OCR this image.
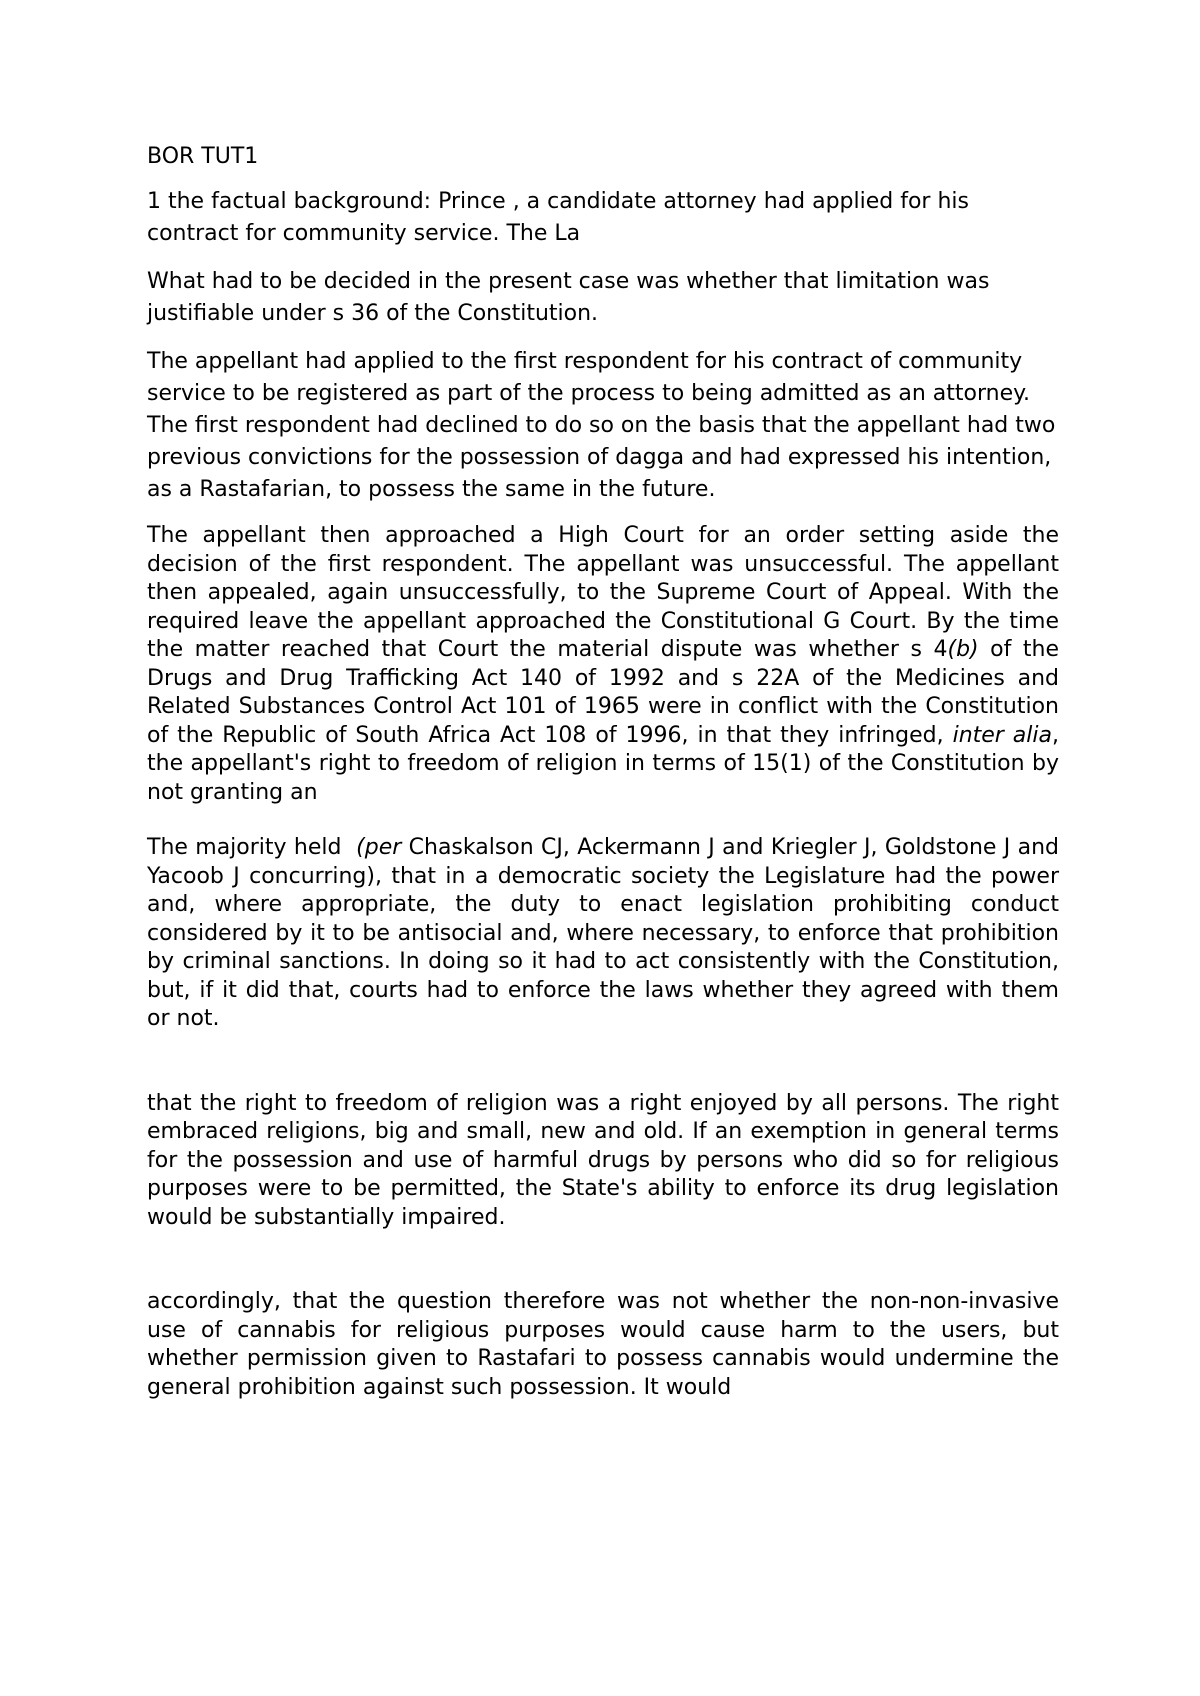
BOR TUT1

1 the factual background: Prince , a candidate attorney had applied for his contract for community service. The La

What had to be decided in the present case was whether that limitation was justifiable under s 36 of the Constitution.

The appellant had applied to the first respondent for his contract of community service to be registered as part of the process to being admitted as an attorney. The first respondent had declined to do so on the basis that the appellant had two previous convictions for the possession of dagga and had expressed his intention, as a Rastafarian, to possess the same in the future.

The appellant then approached a High Court for an order setting aside the decision of the first respondent. The appellant was unsuccessful. The appellant then appealed, again unsuccessfully, to the Supreme Court of Appeal. With the required leave the appellant approached the Constitutional G Court. By the time the matter reached that Court the material dispute was whether s 4(b) of the Drugs and Drug Trafficking Act 140 of 1992 and s 22A of the Medicines and Related Substances Control Act 101 of 1965 were in conflict with the Constitution of the Republic of South Africa Act 108 of 1996, in that they infringed, inter alia, the appellant's right to freedom of religion in terms of 15(1) of the Constitution by not granting an

The majority held  (per Chaskalson CJ, Ackermann J and Kriegler J, Goldstone J and Yacoob J concurring), that in a democratic society the Legislature had the power and, where appropriate, the duty to enact legislation prohibiting conduct considered by it to be antisocial and, where necessary, to enforce that prohibition by criminal sanctions. In doing so it had to act consistently with the Constitution, but, if it did that, courts had to enforce the laws whether they agreed with them or not.

that the right to freedom of religion was a right enjoyed by all persons. The right embraced religions, big and small, new and old. If an exemption in general terms for the possession and use of harmful drugs by persons who did so for religious purposes were to be permitted, the State's ability to enforce its drug legislation would be substantially impaired.

accordingly, that the question therefore was not whether the non-non-invasive use of cannabis for religious purposes would cause harm to the users, but whether permission given to Rastafari to possess cannabis would undermine the general prohibition against such possession. It would
